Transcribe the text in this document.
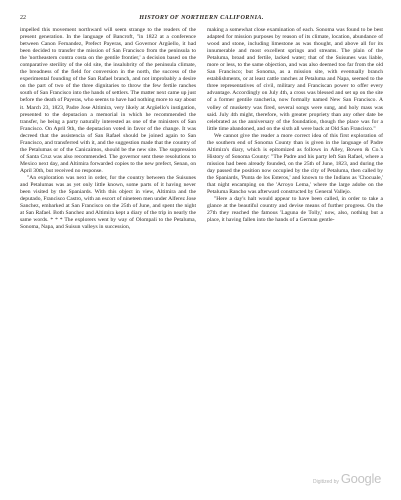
22	HISTORY OF NORTHERN CALIFORNIA.

impelled this movement northward will seem strange to the readers of the present generation. In the language of Bancroft, "in 1822 at a conference between Canon Fernandez, Prefect Payeras, and Governor Argüello, it had been decided to transfer the mission of San Francisco from the peninsula to the 'northeastern contra costa on the gentile frontier,' a decision based on the comparative sterility of the old site, the insalubrity of the peninsula climate, the breadness of the field for conversion in the north, the success of the experimental founding of the San Rafael branch, and not improbably a desire on the part of two of the three dignitaries to throw the few fertile ranches south of San Francisco into the hands of settlers. The matter next came up just before the death of Payeras, who seems to have had nothing more to say about it. March 23, 1823, Padre Jose Altimira, very likely at Argüello's instigation, presented to the deputacion a memorial in which he recommended the transfer, he being a party naturally interested as one of the ministers of San Francisco. On April 9th, the deputacion voted in favor of the change. It was decreed that the assistencia of San Rafael should be joined again to San Francisco, and transferred with it, and the suggestion made that the country of the Petalumas or of the Canicaimos, should be the new site. The suppression of Santa Cruz was also recommended. The governor sent these resolutions to Mexico next day, and Altimira forwarded copies to the new prefect, Senan, on April 30th, but received no response.

"An exploration was next in order, for the country between the Suisunes and Petalumas was as yet only little known, some parts of it having never been visited by the Spaniards. With this object in view, Altimira and the deputado, Francisco Castro, with an escort of nineteen men under Alferez Jose Sanchez, embarked at San Francisco on the 25th of June, and spent the night at San Rafael. Both Sanchez and Altimira kept a diary of the trip in nearly the same words. * * * The explorers went by way of Olompali to the Petaluma, Sonoma, Napa, and Suisun valleys in succession,

making a somewhat close examination of each. Sonoma was found to be best adapted for mission purposes by reason of its climate, location, abundance of wood and stone, including limestone as was thought, and above all for its innumerable and most excellent springs and streams. The plain of the Petaluma, broad and fertile, lacked water; that of the Suisunes was liable, more or less, to the same objection, and was also deemed too far from the old San Francisco; but Sonoma, as a mission site, with eventually branch establishments, or at least cattle ranches at Petaluma and Napa, seemed to the three representatives of civil, military and Franciscan power to offer every advantage. Accordingly on July 4th, a cross was blessed and set up on the site of a former gentile rancheria, now formally named New San Francisco. A volley of musketry was fired, several songs were sung, and holy mass was said. July 4th might, therefore, with greater propriety than any other date be celebrated as the anniversary of the foundation, though the place was for a little time abandoned, and on the sixth all were back at Old San Francisco."

We cannot give the reader a more correct idea of this first exploration of the southern end of Sonoma County than is given in the language of Padre Altimira's diary, which is epitomized as follows in Alley, Bowen & Co.'s History of Sonoma County: "The Padre and his party left San Rafael, where a mission had been already founded, on the 25th of June, 1823, and during the day passed the position now occupied by the city of Petaluma, then called by the Spaniards, 'Punta de los Esteros,' and known to the Indians as 'Chocuale,' that night encamping on the 'Arroyo Lema,' where the large adobe on the Petaluma Rancho was afterward constructed by General Vallejo.

"Here a day's halt would appear to have been called, in order to take a glance at the beautiful country and devise means of further progress. On the 27th they reached the famous 'Laguna de Tolly,' now, also, nothing but a place, it having fallen into the hands of a German gentle-

Digitized by Google
